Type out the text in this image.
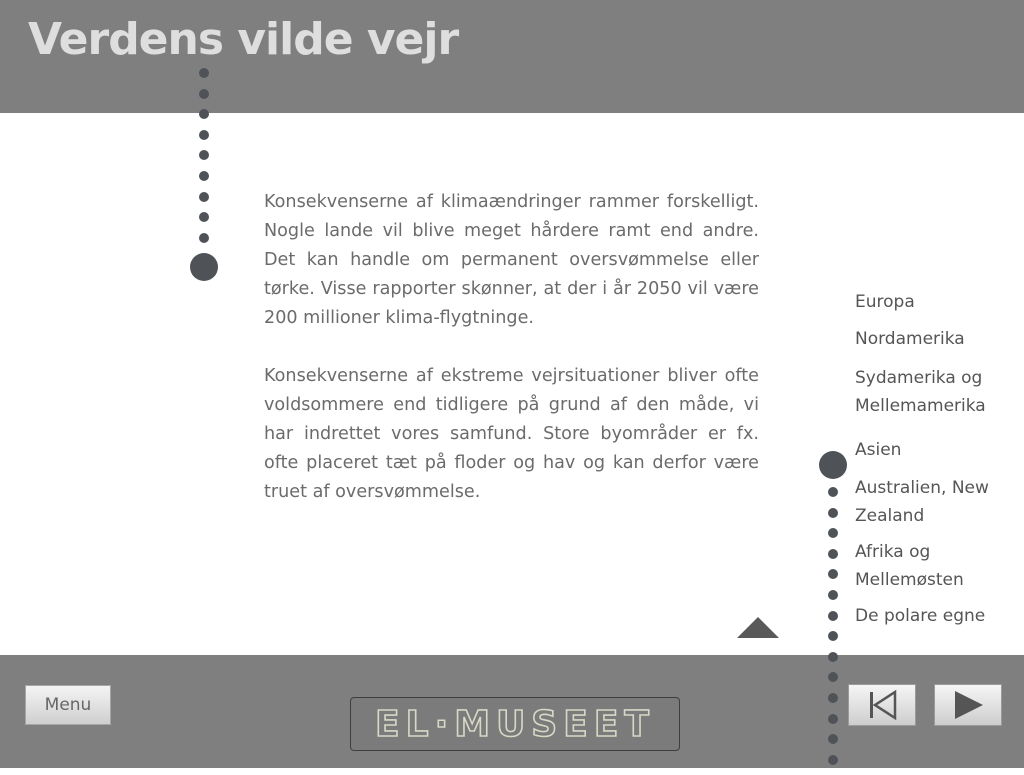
Verdens vilde vejr

Konsekvenserne af klimaændringer rammer forskelligt. Nogle lande vil blive meget hårdere ramt end andre. Det kan handle om permanent oversvømmelse eller tørke. Visse rapporter skønner, at der i år 2050 vil være 200 millioner klima-flygtninge.

Konsekvenserne af ekstreme vejrsituationer bliver ofte voldsommere end tidligere på grund af den måde, vi har indrettet vores samfund. Store byområder er fx. ofte placeret tæt på floder og hav og kan derfor være truet af oversvømmelse.

Europa
Nordamerika
Sydamerika og Mellemamerika
Asien
Australien, New Zealand
Afrika og Mellemøsten
De polare egne
Menu	EL·MUSEET
